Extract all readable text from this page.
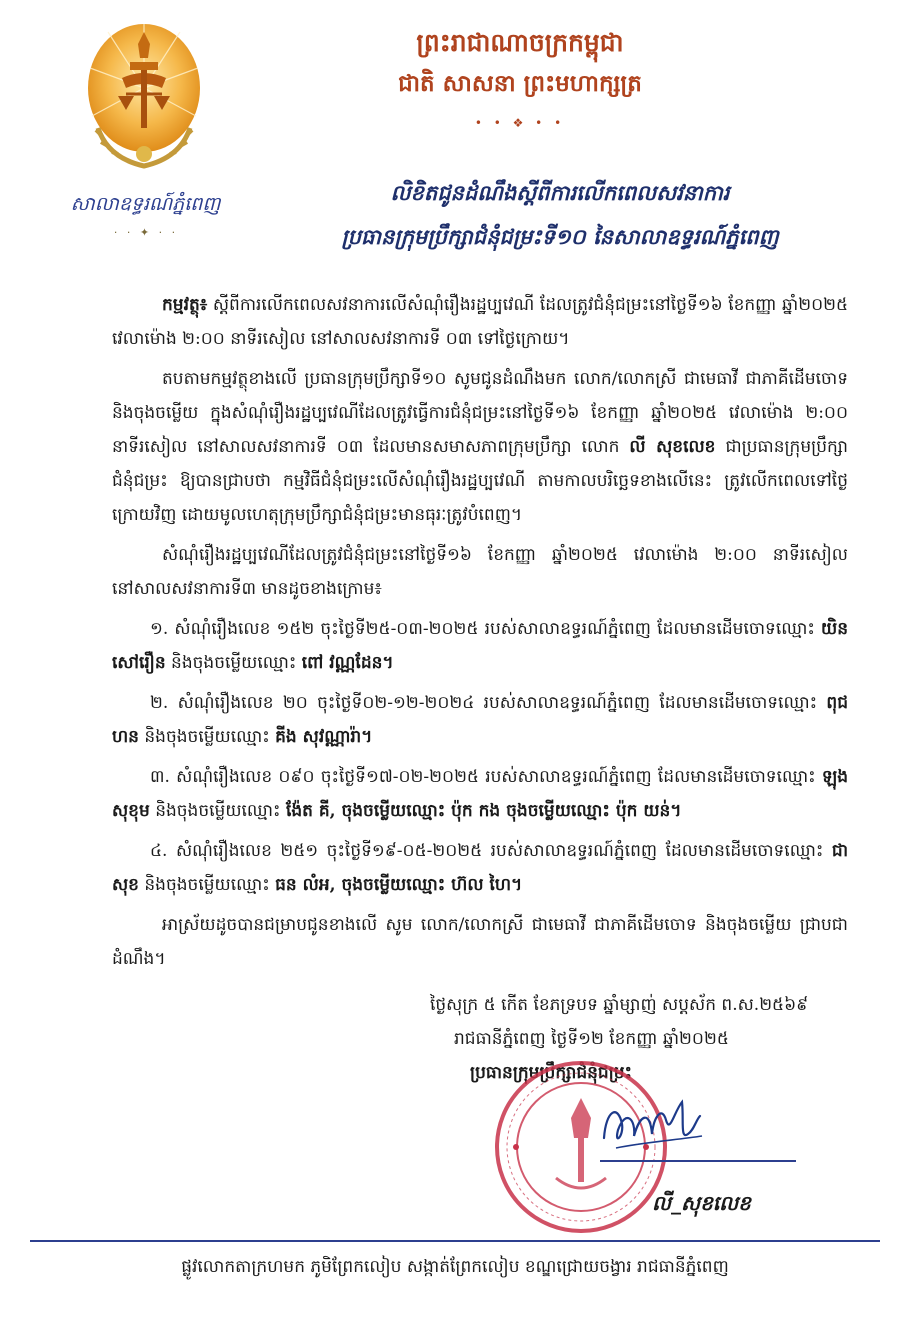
សាលាឧទ្ធរណ៍ភ្នំពេញ
· · ✦ · ·
ព្រះរាជាណាចក្រកម្ពុជា
ជាតិ សាសនា ព្រះមហាក្សត្រ
• • ❖ • •
លិខិតជូនដំណឹងស្ដីពីការលើកពេលសវនាការ
ប្រធានក្រុមប្រឹក្សាជំនុំជម្រះទី១០ នៃសាលាឧទ្ធរណ៍ភ្នំពេញ

កម្មវត្ថុ៖ ស្ដីពីការលើកពេលសវនាការលើសំណុំរឿងរដ្ឋប្បវេណី ដែលត្រូវជំនុំជម្រះនៅថ្ងៃទី១៦ ខែកញ្ញា ឆ្នាំ២០២៥ វេលាម៉ោង ២:០០ នាទីរសៀល នៅសាលសវនាការទី ០៣ ទៅថ្ងៃក្រោយ។

តបតាមកម្មវត្ថុខាងលើ ប្រធានក្រុមប្រឹក្សាទី១០ សូមជូនដំណឹងមក លោក/លោកស្រី ជាមេធាវី ជាភាគីដើមចោទ និងចុងចម្លើយ ក្នុងសំណុំរឿងរដ្ឋប្បវេណីដែលត្រូវធ្វើការជំនុំជម្រះនៅថ្ងៃទី១៦ ខែកញ្ញា ឆ្នាំ២០២៥ វេលាម៉ោង ២:០០ នាទីរសៀល នៅសាលសវនាការទី ០៣ ដែលមានសមាសភាពក្រុមប្រឹក្សា លោក លី សុខលេខ ជាប្រធានក្រុមប្រឹក្សាជំនុំជម្រះ ឱ្យបានជ្រាបថា កម្មវិធីជំនុំជម្រះលើសំណុំរឿងរដ្ឋប្បវេណី តាមកាលបរិច្ឆេទខាងលើនេះ ត្រូវលើកពេលទៅថ្ងៃក្រោយវិញ ដោយមូលហេតុក្រុមប្រឹក្សាជំនុំជម្រះមានធុរៈត្រូវបំពេញ។

សំណុំរឿងរដ្ឋប្បវេណីដែលត្រូវជំនុំជម្រះនៅថ្ងៃទី១៦ ខែកញ្ញា ឆ្នាំ២០២៥ វេលាម៉ោង ២:០០ នាទីរសៀល នៅសាលសវនាការទី៣ មានដូចខាងក្រោម៖

១. សំណុំរឿងលេខ ១៥២ ចុះថ្ងៃទី២៥-០៣-២០២៥ របស់សាលាឧទ្ធរណ៍ភ្នំពេញ ដែលមានដើមចោទឈ្មោះ យិន សៅរឿន និងចុងចម្លើយឈ្មោះ ពៅ វណ្ណដែន។

២. សំណុំរឿងលេខ ២០ ចុះថ្ងៃទី០២-១២-២០២៤ របស់សាលាឧទ្ធរណ៍ភ្នំពេញ ដែលមានដើមចោទឈ្មោះ ពុជ ហន និងចុងចម្លើយឈ្មោះ គីង សុវណ្ណារ៉ា។

៣. សំណុំរឿងលេខ ០៩០ ចុះថ្ងៃទី១៧-០២-២០២៥ របស់សាលាឧទ្ធរណ៍ភ្នំពេញ ដែលមានដើមចោទឈ្មោះ ឡុង សុខុម និងចុងចម្លើយឈ្មោះ ង៉ែត គី, ចុងចម្លើយឈ្មោះ ប៉ុក កង ចុងចម្លើយឈ្មោះ ប៉ុក យន់។

៤. សំណុំរឿងលេខ ២៥១ ចុះថ្ងៃទី១៩-០៥-២០២៥ របស់សាលាឧទ្ធរណ៍ភ្នំពេញ ដែលមានដើមចោទឈ្មោះ ជា សុខ និងចុងចម្លើយឈ្មោះ ធន លំអ, ចុងចម្លើយឈ្មោះ ហ៊ល ហៃ។

អាស្រ័យដូចបានជម្រាបជូនខាងលើ សូម លោក/លោកស្រី ជាមេធាវី ជាភាគីដើមចោទ និងចុងចម្លើយ ជ្រាបជាដំណឹង។

ថ្ងៃសុក្រ ៥ កើត ខែភទ្របទ ឆ្នាំម្សាញ់ សប្តស័ក ព.ស.២៥៦៩
រាជធានីភ្នំពេញ ថ្ងៃទី១២ ខែកញ្ញា ឆ្នាំ២០២៥
ប្រធានក្រុមប្រឹក្សាជំនុំជម្រះ
លី_សុខលេខ
ផ្លូវលោកតាក្រហមក ភូមិព្រែកលៀប សង្កាត់ព្រែកលៀប ខណ្ឌជ្រោយចង្វារ រាជធានីភ្នំពេញ
